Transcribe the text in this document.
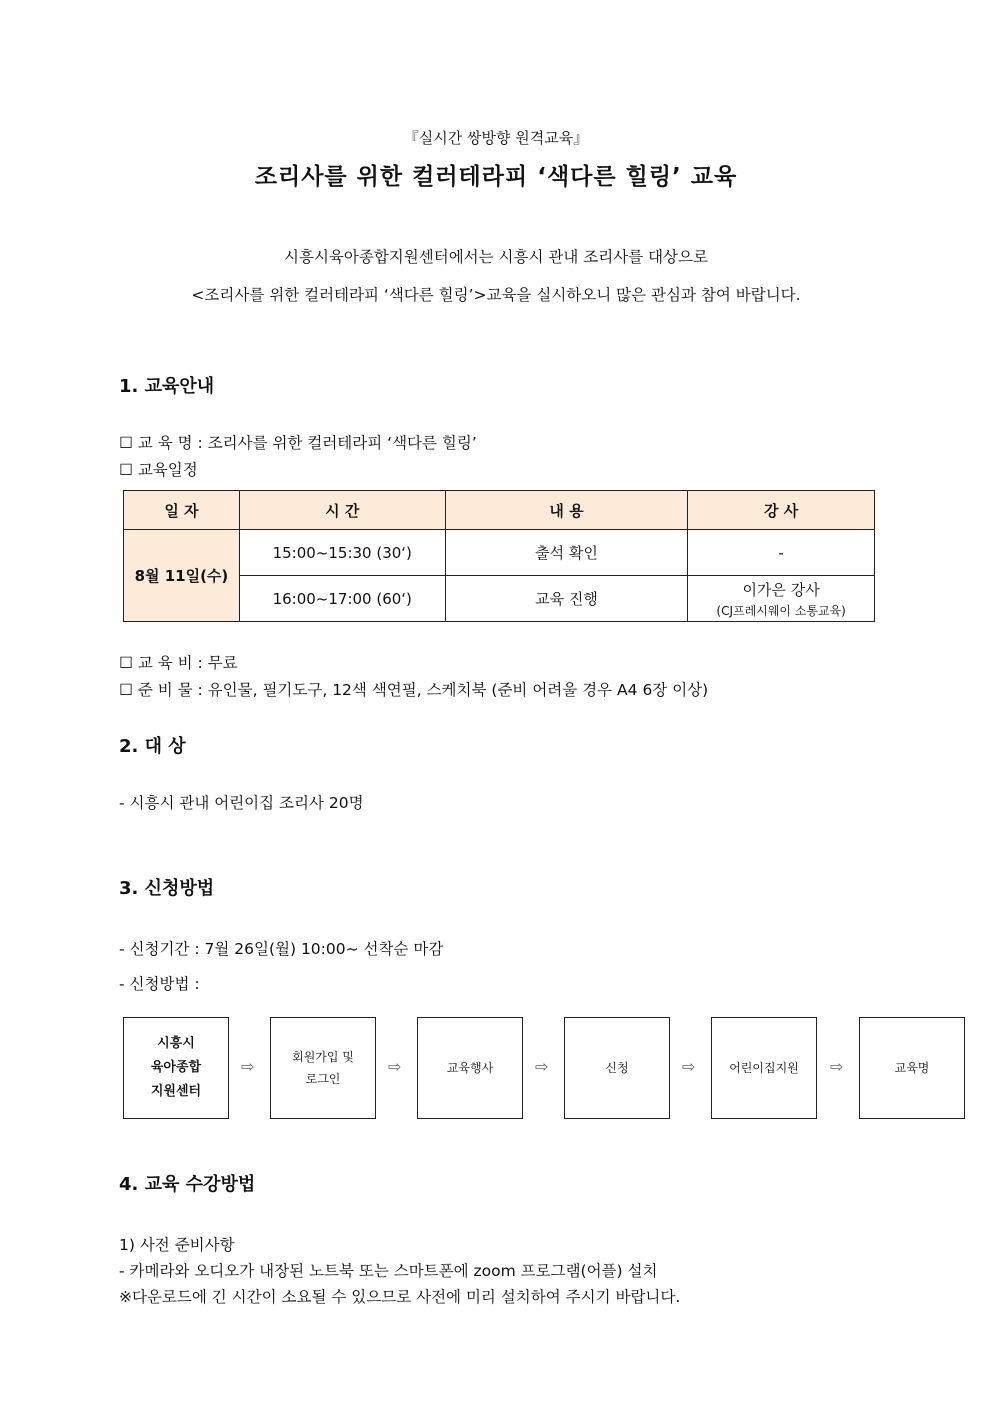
『실시간 쌍방향 원격교육』
조리사를 위한 컬러테라피 ‘색다른 힐링’ 교육
시흥시육아종합지원센터에서는 시흥시 관내 조리사를 대상으로
<조리사를 위한 컬러테라피 ‘색다른 힐링’>교육을 실시하오니 많은 관심과 참여 바랍니다.
1. 교육안내
☐ 교 육 명 : 조리사를 위한 컬러테라피 ‘색다른 힐링’
☐ 교육일정
일 자	시 간	내 용	강 사
8월 11일(수)	15:00~15:30 (30‘)	출석 확인	-
	16:00~17:00 (60‘)	교육 진행	이가은 강사
(CJ프레시웨이 소통교육)
☐ 교 육 비 : 무료
☐ 준 비 물 : 유인물, 필기도구, 12색 색연필, 스케치북 (준비 어려울 경우 A4 6장 이상)
2. 대 상
- 시흥시 관내 어린이집 조리사 20명
3. 신청방법
- 신청기간 : 7월 26일(월) 10:00~ 선착순 마감
- 신청방법 :
시흥시
육아종합
지원센터
⇨	회원가입 및
로그인
⇨	교육행사	⇨	신청	⇨	어린이집지원 ⇨	교육명
4. 교육 수강방법
1) 사전 준비사항
- 카메라와 오디오가 내장된 노트북 또는 스마트폰에 zoom 프로그램(어플) 설치
※다운로드에 긴 시간이 소요될 수 있으므로 사전에 미리 설치하여 주시기 바랍니다.
